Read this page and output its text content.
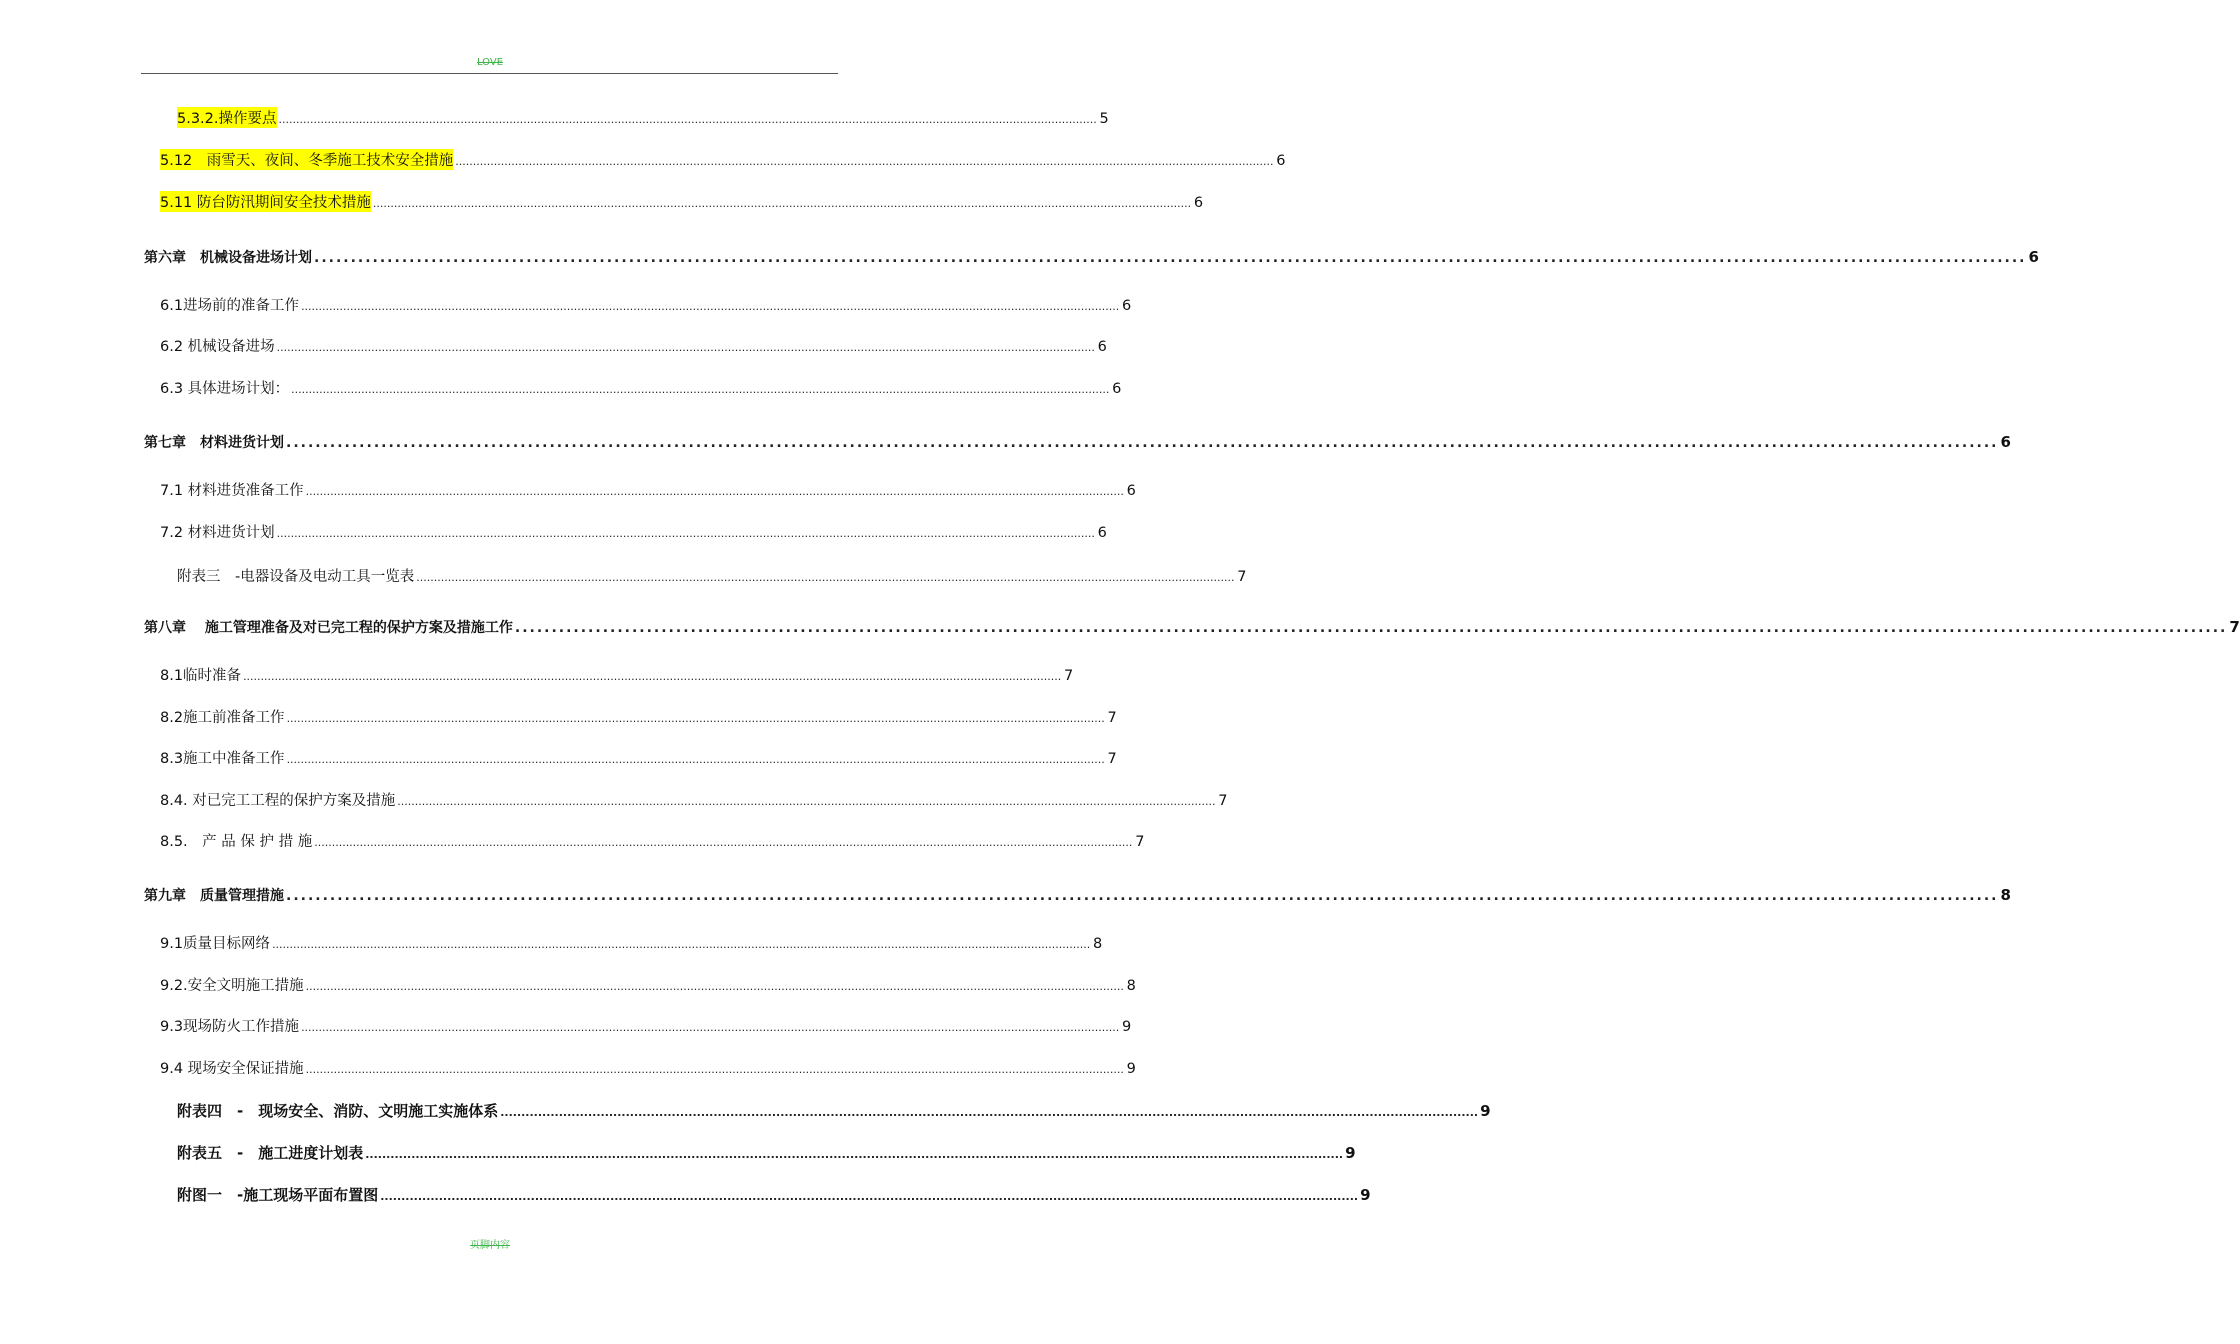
LOVE
5.3.2.操作要点 .......................................................................................................................................................................................................................................... 5
5.12　雨雪天、夜间、冬季施工技术安全措施 .......................................................................................................................................................................................................................................... 6
5.11 防台防汛期间安全技术措施 .......................................................................................................................................................................................................................................... 6
第六章　机械设备进场计划 .......................................................................................................................................................................................................................................... 6
6.1进场前的准备工作 .......................................................................................................................................................................................................................................... 6
6.2 机械设备进场 .......................................................................................................................................................................................................................................... 6
6.3 具体进场计划： .......................................................................................................................................................................................................................................... 6
第七章　材料进货计划 .......................................................................................................................................................................................................................................... 6
7.1 材料进货准备工作 .......................................................................................................................................................................................................................................... 6
7.2 材料进货计划 .......................................................................................................................................................................................................................................... 6
附表三　-电器设备及电动工具一览表 .......................................................................................................................................................................................................................................... 7
第八章　 施工管理准备及对已完工程的保护方案及措施工作 .......................................................................................................................................................................................................................................... 7
8.1临时准备 .......................................................................................................................................................................................................................................... 7
8.2施工前准备工作 .......................................................................................................................................................................................................................................... 7
8.3施工中准备工作 .......................................................................................................................................................................................................................................... 7
8.4. 对已完工工程的保护方案及措施 .......................................................................................................................................................................................................................................... 7
8.5.　产 品 保 护 措 施 .......................................................................................................................................................................................................................................... 7
第九章　质量管理措施 .......................................................................................................................................................................................................................................... 8
9.1质量目标网络 .......................................................................................................................................................................................................................................... 8
9.2.安全文明施工措施 .......................................................................................................................................................................................................................................... 8
9.3现场防火工作措施 .......................................................................................................................................................................................................................................... 9
9.4 现场安全保证措施 .......................................................................................................................................................................................................................................... 9
附表四　-　现场安全、消防、文明施工实施体系 .......................................................................................................................................................................................................................................... 9
附表五　-　施工进度计划表 .......................................................................................................................................................................................................................................... 9
附图一　-施工现场平面布置图 .......................................................................................................................................................................................................................................... 9
页脚内容
